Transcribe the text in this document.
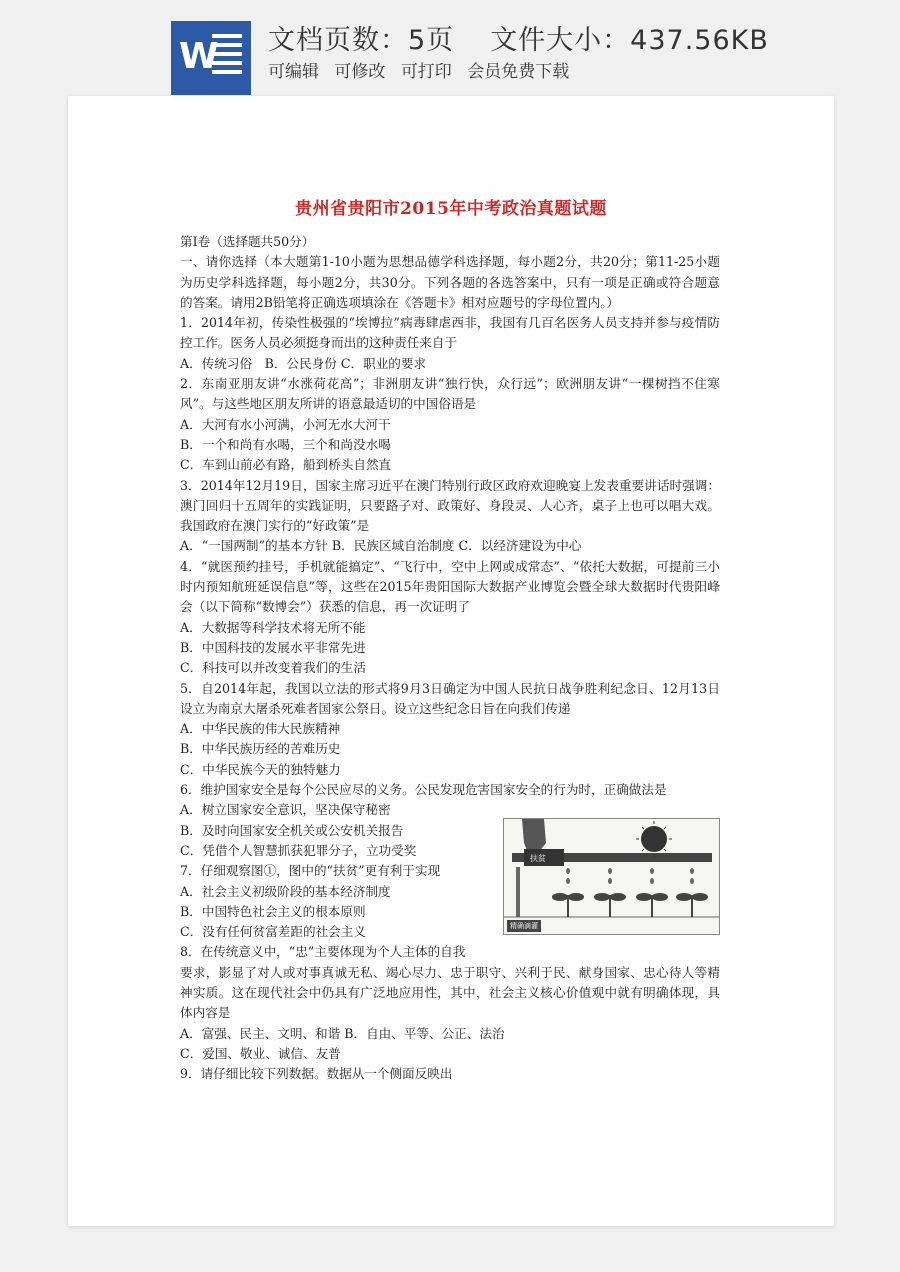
W 文档页数：5页 文件大小：437.56KB
可编辑 可修改 可打印 会员免费下载
贵州省贵阳市2015年中考政治真题试题

第Ⅰ卷（选择题共50分）

一、请你选择（本大题第1-10小题为思想品德学科选择题，每小题2分，共20分；第11-25小题为历史学科选择题，每小题2分，共30分。下列各题的各选答案中，只有一项是正确或符合题意的答案。请用2B铅笔将正确选项填涂在《答题卡》相对应题号的字母位置内。）

1．2014年初，传染性极强的“埃博拉”病毒肆虐西非，我国有几百名医务人员支持并参与疫情防控工作。医务人员必须挺身而出的这种责任来自于

A．传统习俗　B．公民身份 C．职业的要求

2．东南亚朋友讲“水涨荷花高”；非洲朋友讲“独行快，众行远”；欧洲朋友讲“一棵树挡不住寒风”。与这些地区朋友所讲的语意最适切的中国俗语是

A．大河有水小河满，小河无水大河干

B．一个和尚有水喝，三个和尚没水喝

C．车到山前必有路，船到桥头自然直

3．2014年12月19日，国家主席习近平在澳门特别行政区政府欢迎晚宴上发表重要讲话时强调：澳门回归十五周年的实践证明，只要路子对、政策好、身段灵、人心齐，桌子上也可以唱大戏。我国政府在澳门实行的“好政策”是

A．“一国两制”的基本方针 B．民族区域自治制度 C．以经济建设为中心

4．“就医预约挂号，手机就能搞定”、“飞行中，空中上网或成常态”、“依托大数据，可提前三小时内预知航班延误信息”等，这些在2015年贵阳国际大数据产业博览会暨全球大数据时代贵阳峰会（以下简称“数博会”）获悉的信息，再一次证明了

A．大数据等科学技术将无所不能

B．中国科技的发展水平非常先进

C．科技可以并改变着我们的生活

5．自2014年起，我国以立法的形式将9月3日确定为中国人民抗日战争胜利纪念日、12月13日设立为南京大屠杀死难者国家公祭日。设立这些纪念日旨在向我们传递

A．中华民族的伟大民族精神

B．中华民族历经的苦难历史

C．中华民族今天的独特魅力

6．维护国家安全是每个公民应尽的义务。公民发现危害国家安全的行为时，正确做法是

A．树立国家安全意识，坚决保守秘密

B．及时向国家安全机关或公安机关报告

C．凭借个人智慧抓获犯罪分子，立功受奖

7．仔细观察图①，图中的“扶贫”更有利于实现

A．社会主义初级阶段的基本经济制度

B．中国特色社会主义的根本原则

C．没有任何贫富差距的社会主义

8．在传统意义中，“忠”主要体现为个人主体的自我

要求，影显了对人或对事真诚无私、竭心尽力、忠于职守、兴利于民、献身国家、忠心待人等精神实质。这在现代社会中仍具有广泛地应用性，其中，社会主义核心价值观中就有明确体现，具体内容是

A．富强、民主、文明、和谐 B．自由、平等、公正、法治

C．爱国、敬业、诚信、友普

9．请仔细比较下列数据。数据从一个侧面反映出

扶贫
精确滴灌
